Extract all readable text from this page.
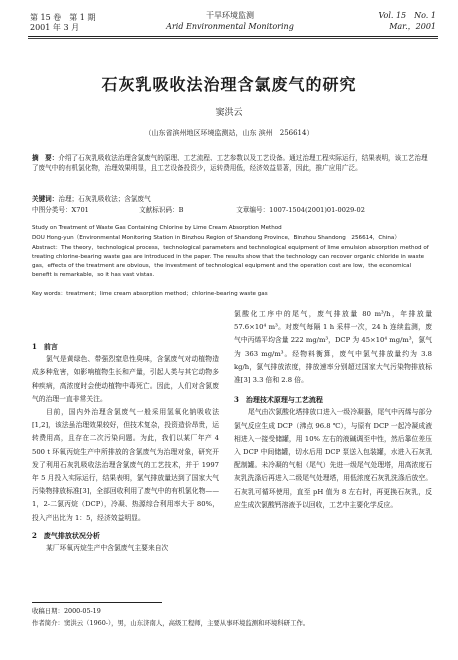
第 15 卷　第 1 期
2001 年 3 月
干旱环境监测
Arid Environmental Monitoring
Vol. 15　No. 1
Mar.，2001
石灰乳吸收法治理含氯废气的研究
窦洪云
（山东省滨州地区环境监测站，山东 滨州　256614）
摘　要：介绍了石灰乳吸收法治理含氯废气的原理、工艺流程、工艺参数以及工艺设备。通过治理工程实际运行，结果表明，该工艺治理了废气中的有机氯化物，治理效果明显，且工艺设备投资少，运转费用低，经济效益显著，因此，推广应用广泛。
关键词：治理；石灰乳吸收法；含氯废气
中图分类号：X701	文献标识码：B	文章编号：1007-1504(2001)01-0029-02
Study on Treatment of Waste Gas Containing Chlorine by Lime Cream Absorption Method
DOU Hong-yun（Environmental Monitoring Station in Binzhou Region of Shandong Province，Binzhou Shandong　256614，China）
Abstract：The theory，technological process，technological parameters and technological equipment of lime emulsion absorption method of treating chlorine-bearing waste gas are introduced in the paper. The results show that the technology can recover organic chloride in waste gas，effects of the treatment are obvious，the investment of technological equipment and the operation cost are low，the economical benefit is remarkable，so it has vast vistas.
Key words：treatment；lime cream absorption method；chlorine-bearing waste gas

1　前言

氯气是黄绿色、带强烈窒息性臭味，含氯废气对动植物造成多种危害，如影响植物生长和产量，引起人类与其它动物多种疾病，高浓度时会使动植物中毒死亡。因此，人们对含氯废气的治理一直非常关注。

目前，国内外治理含氯废气一般采用氢氧化钠吸收法[1,2]，该法虽治理效果较好，但技术复杂，投资造价昂贵，运转费用高，且存在二次污染问题。为此，我们以某厂年产 4 500 t 环氧丙烷生产中所排放的含氯废气为治理对象，研究开发了利用石灰乳吸收法治理含氯废气的工艺技术，并于 1997 年 5 月投入实际运行，结果表明，氯气排放量达到了国家大气污染物排放标准[3]，全部回收利用了废气中的有机氯化物——1，2-二氯丙烷（DCP），冷凝、热源综合利用率大于 80%，投入产出比为 1：5，经济效益明显。

2　废气排放状况分析

某厂环氧丙烷生产中含氯废气主要来自次

氯酸化工序中的尾气，废气排放量 80 m³/h，年排放量 57.6×10⁴ m³。对废气每隔 1 h 采样一次，24 h 连续监测，废气中丙烯平均含量 222 mg/m³，DCP 为 45×10⁴ mg/m³，氯气为 363 mg/m³。经物料衡算，废气中氯气排放量约为 3.8 kg/h，氯气排放浓度，排放速率分别超过国家大气污染物排放标准[3] 3.3 倍和 2.8 倍。

3　治理技术原理与工艺流程

尾气由次氯酸化塔排放口进入一级冷凝器，尾气中丙烯与部分氯气反应生成 DCP（沸点 96.8 ℃），与原有 DCP 一起冷凝成液相进入一接受储罐，用 10% 左右的液碱调至中性，然后靠位差压入 DCP 中间储罐，切水后用 DCP 泵送入包装罐，水进入石灰乳配制罐。未冷凝的气相（尾气）先进一级尾气处理塔，用高浓度石灰乳洗涤后再进入二级尾气处理塔，用低浓度石灰乳洗涤后放空。石灰乳可循环使用，直至 pH 值为 8 左右时，再更换石灰乳，反应生成次氯酸钙溶液予以回收，工艺中主要化学反应。

收稿日期：2000-05-19
作者简介：窦洪云（1960-），男，山东济南人，高级工程师，主要从事环境监测和环境科研工作。
